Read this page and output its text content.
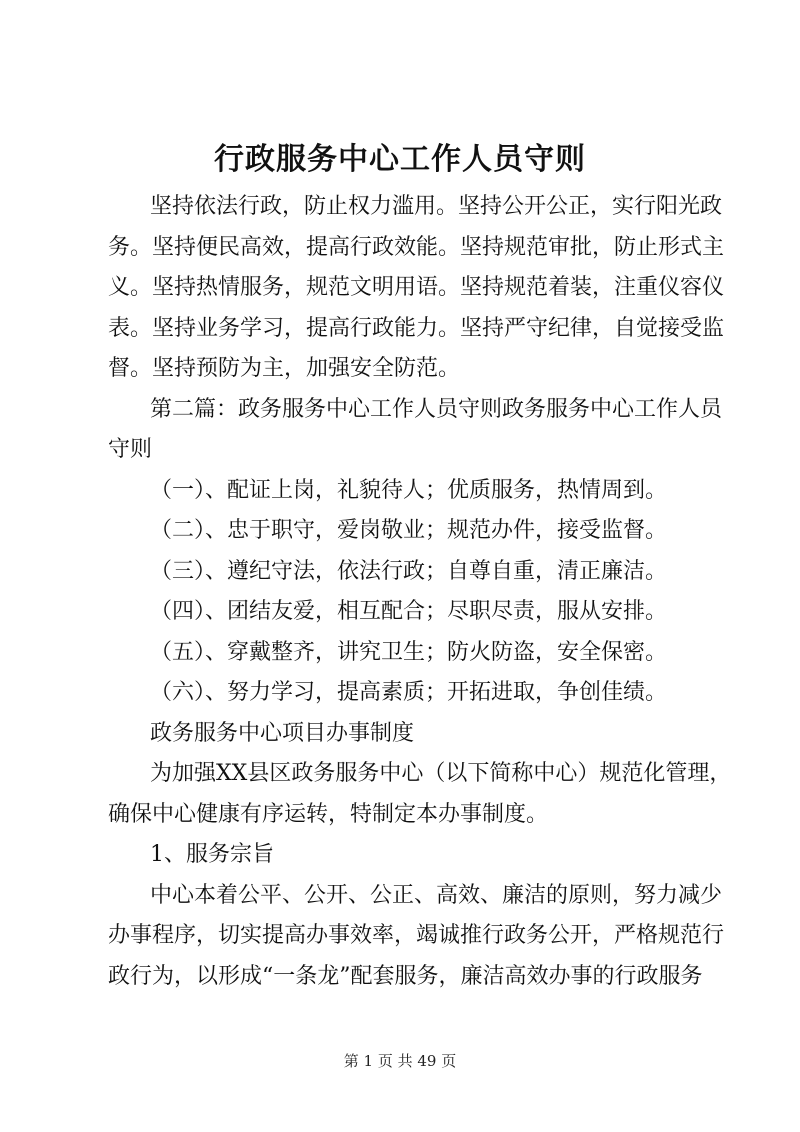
行政服务中心工作人员守则
坚持依法行政，防止权力滥用。坚持公开公正，实行阳光政
务。坚持便民高效，提高行政效能。坚持规范审批，防止形式主
义。坚持热情服务，规范文明用语。坚持规范着装，注重仪容仪
表。坚持业务学习，提高行政能力。坚持严守纪律，自觉接受监
督。坚持预防为主，加强安全防范。
第二篇：政务服务中心工作人员守则政务服务中心工作人员
守则
（一）、配证上岗，礼貌待人；优质服务，热情周到。
（二）、忠于职守，爱岗敬业；规范办件，接受监督。
（三）、遵纪守法，依法行政；自尊自重，清正廉洁。
（四）、团结友爱，相互配合；尽职尽责，服从安排。
（五）、穿戴整齐，讲究卫生；防火防盗，安全保密。
（六）、努力学习，提高素质；开拓进取，争创佳绩。
政务服务中心项目办事制度
为加强XX县区政务服务中心（以下简称中心）规范化管理，
确保中心健康有序运转，特制定本办事制度。
1、服务宗旨
中心本着公平、公开、公正、高效、廉洁的原则，努力减少
办事程序，切实提高办事效率，竭诚推行政务公开，严格规范行
政行为，以形成“一条龙”配套服务，廉洁高效办事的行政服务
第 1 页 共 49 页
